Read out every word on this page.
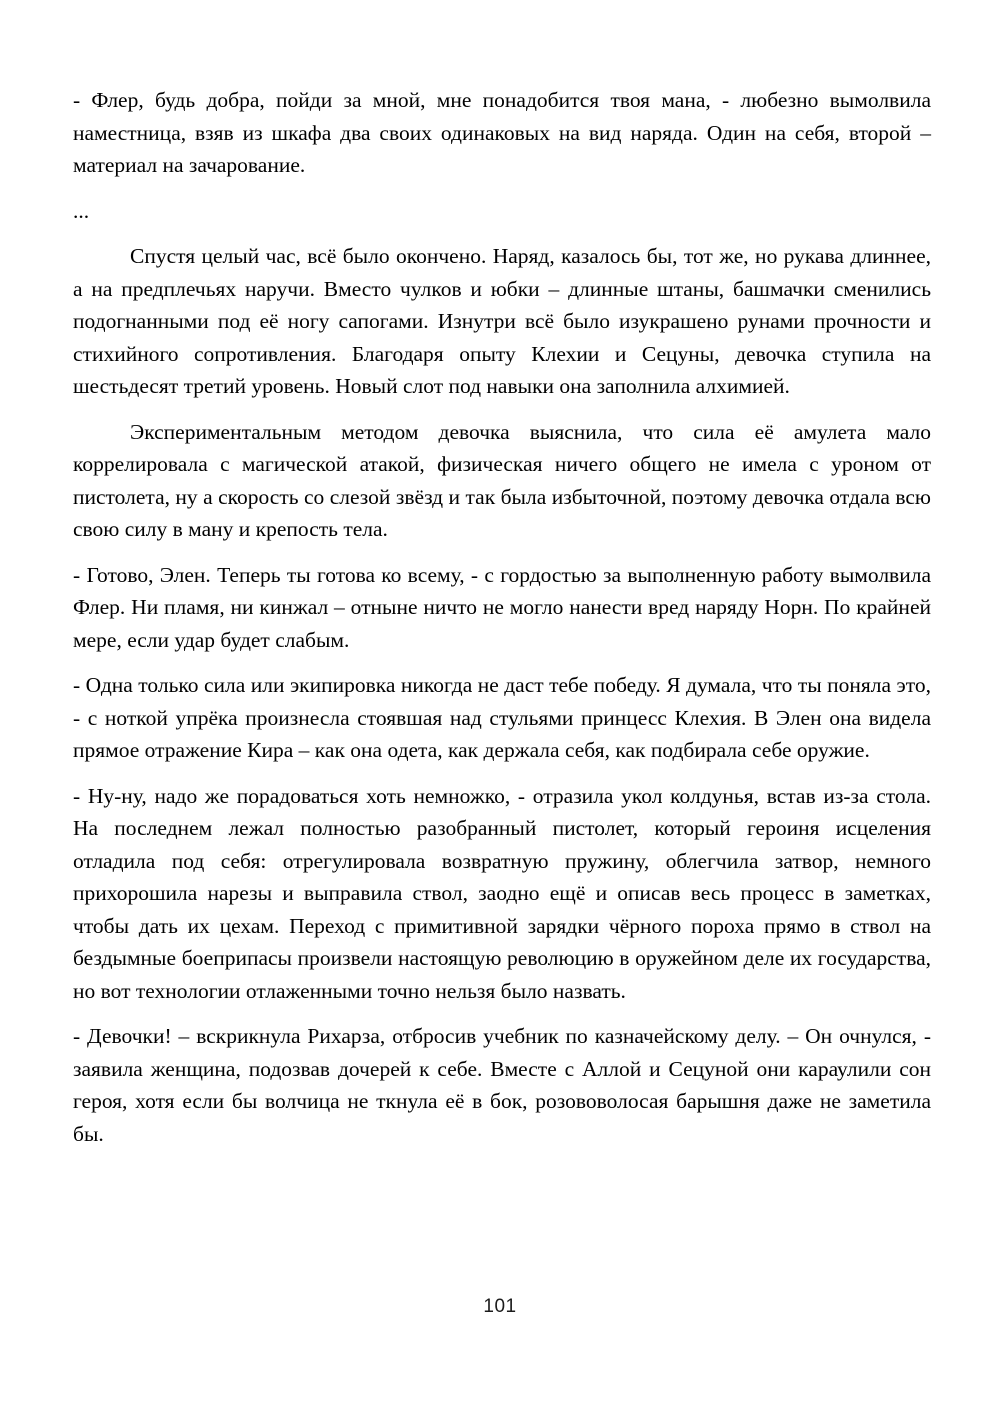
- Флер, будь добра, пойди за мной, мне понадобится твоя мана, - любезно вымолвила наместница, взяв из шкафа два своих одинаковых на вид наряда. Один на себя, второй – материал на зачарование.

...

Спустя целый час, всё было окончено. Наряд, казалось бы, тот же, но рукава длиннее, а на предплечьях наручи. Вместо чулков и юбки – длинные штаны, башмачки сменились подогнанными под её ногу сапогами. Изнутри всё было изукрашено рунами прочности и стихийного сопротивления. Благодаря опыту Клехии и Сецуны, девочка ступила на шестьдесят третий уровень. Новый слот под навыки она заполнила алхимией.

Экспериментальным методом девочка выяснила, что сила её амулета мало коррелировала с магической атакой, физическая ничего общего не имела с уроном от пистолета, ну а скорость со слезой звёзд и так была избыточной, поэтому девочка отдала всю свою силу в ману и крепость тела.

- Готово, Элен. Теперь ты готова ко всему, - с гордостью за выполненную работу вымолвила Флер. Ни пламя, ни кинжал – отныне ничто не могло нанести вред наряду Норн. По крайней мере, если удар будет слабым.

- Одна только сила или экипировка никогда не даст тебе победу. Я думала, что ты поняла это, - с ноткой упрёка произнесла стоявшая над стульями принцесс Клехия. В Элен она видела прямое отражение Кира – как она одета, как держала себя, как подбирала себе оружие.

- Ну-ну, надо же порадоваться хоть немножко, - отразила укол колдунья, встав из-за стола. На последнем лежал полностью разобранный пистолет, который героиня исцеления отладила под себя: отрегулировала возвратную пружину, облегчила затвор, немного прихорошила нарезы и выправила ствол, заодно ещё и описав весь процесс в заметках, чтобы дать их цехам. Переход с примитивной зарядки чёрного пороха прямо в ствол на бездымные боеприпасы произвели настоящую революцию в оружейном деле их государства, но вот технологии отлаженными точно нельзя было назвать.

- Девочки! – вскрикнула Рихарза, отбросив учебник по казначейскому делу. – Он очнулся, - заявила женщина, подозвав дочерей к себе. Вместе с Аллой и Сецуной они караулили сон героя, хотя если бы волчица не ткнула её в бок, розововолосая барышня даже не заметила бы.

101
